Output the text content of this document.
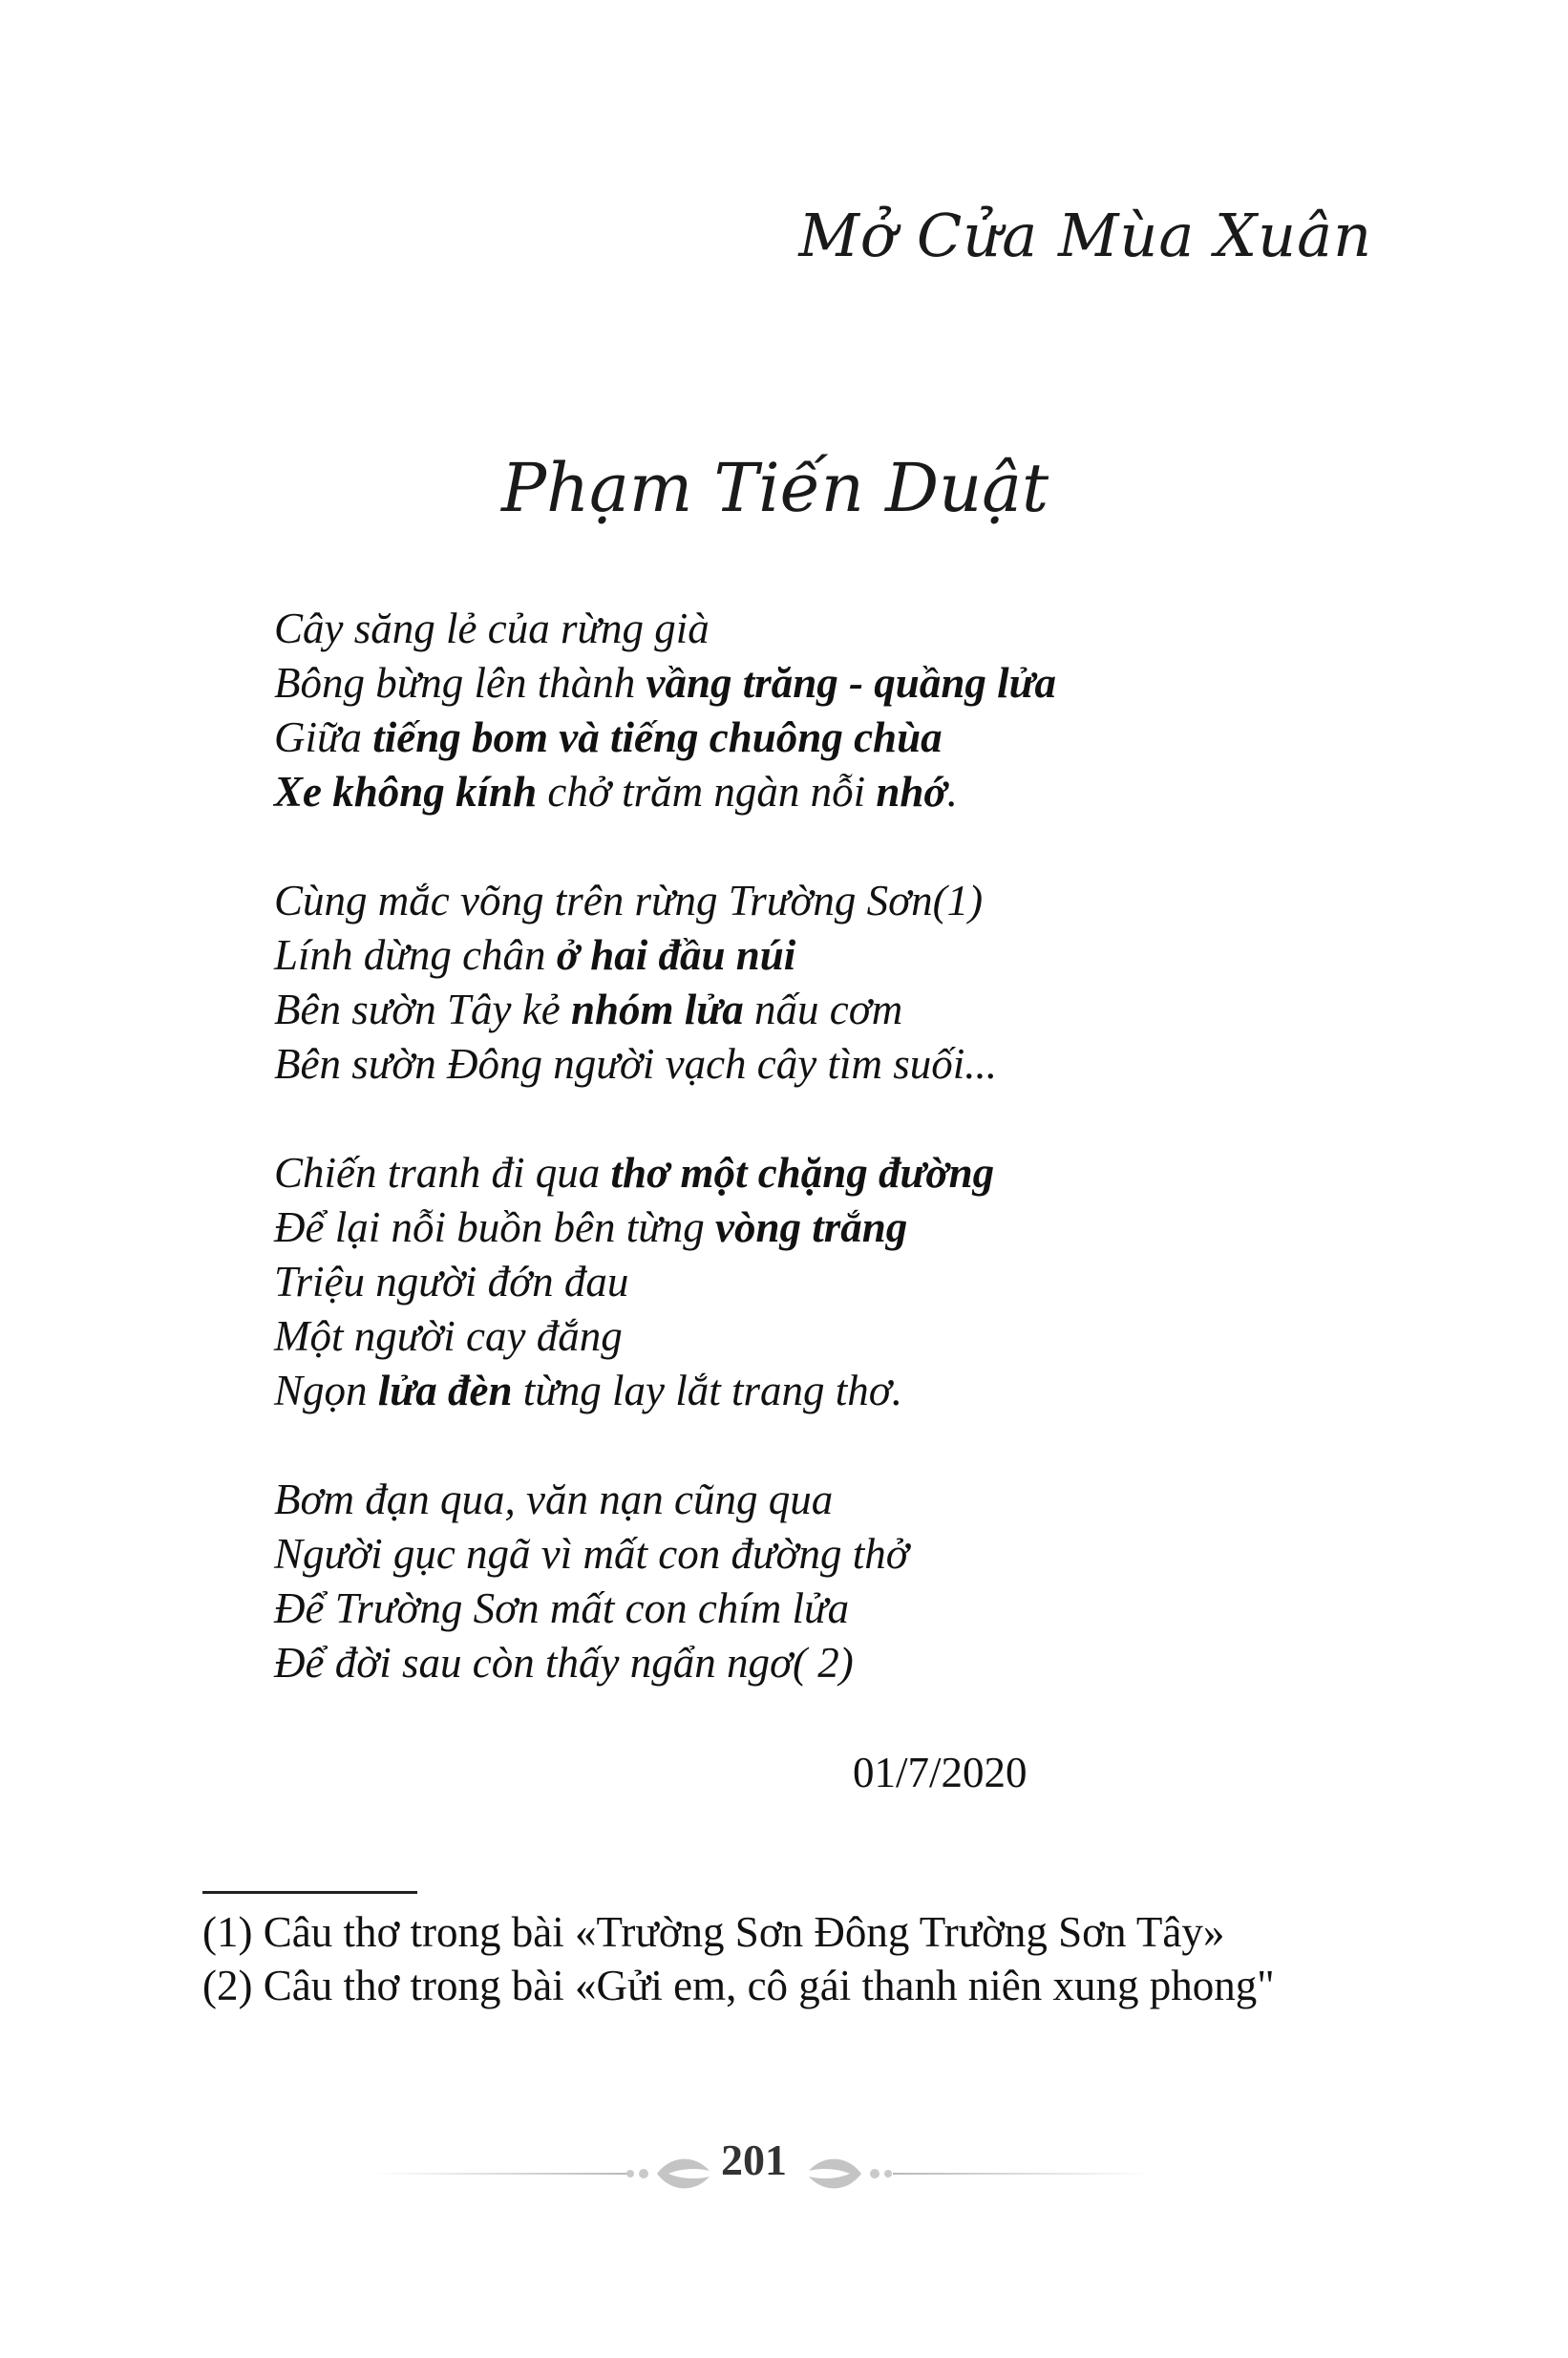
Mở Cửa Mùa Xuân
Phạm Tiến Duật
Cây săng lẻ của rừng già
Bông bừng lên thành vầng trăng - quầng lửa
Giữa tiếng bom và tiếng chuông chùa
Xe không kính chở trăm ngàn nỗi nhớ.
Cùng mắc võng trên rừng Trường Sơn(1)
Lính dừng chân ở hai đầu núi
Bên sườn Tây kẻ nhóm lửa nấu cơm
Bên sườn Đông người vạch cây tìm suối...
Chiến tranh đi qua thơ một chặng đường
Để lại nỗi buồn bên từng vòng trắng
Triệu người đớn đau
Một người cay đắng
Ngọn lửa đèn từng lay lắt trang thơ.
Bơm đạn qua, văn nạn cũng qua
Người gục ngã vì mất con đường thở
Để Trường Sơn mất con chím lửa
Để đời sau còn thấy ngẩn ngơ( 2)
01/7/2020

(1) Câu thơ trong bài «Trường Sơn Đông Trường Sơn Tây»

(2) Câu thơ trong bài «Gửi em, cô gái thanh niên xung phong"

201
